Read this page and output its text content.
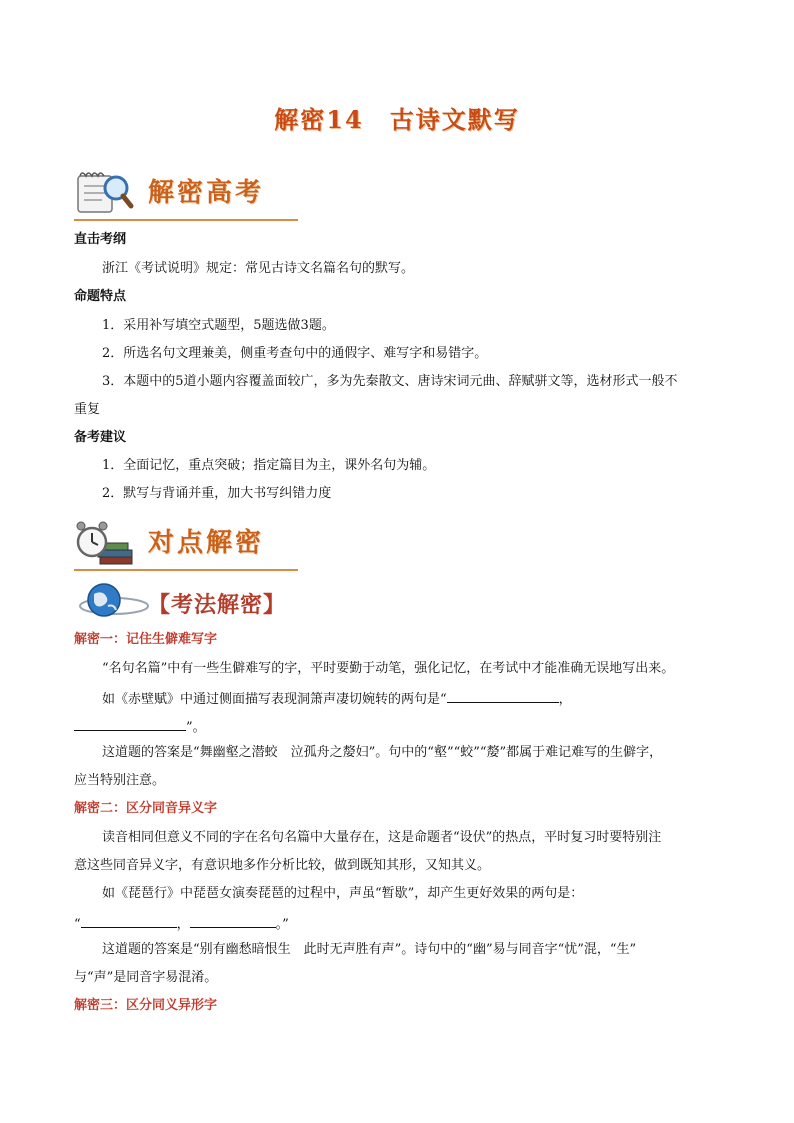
解密14　古诗文默写
解密高考
直击考纲
浙江《考试说明》规定：常见古诗文名篇名句的默写。
命题特点
1．采用补写填空式题型，5题选做3题。
2．所选名句文理兼美，侧重考查句中的通假字、难写字和易错字。
3．本题中的5道小题内容覆盖面较广，多为先秦散文、唐诗宋词元曲、辞赋骈文等，选材形式一般不
重复
备考建议
1．全面记忆，重点突破；指定篇目为主，课外名句为辅。
2．默写与背诵并重，加大书写纠错力度
对点解密
【考法解密】
解密一：记住生僻难写字
“名句名篇”中有一些生僻难写的字，平时要勤于动笔，强化记忆，在考试中才能准确无误地写出来。
如《赤壁赋》中通过侧面描写表现洞箫声凄切婉转的两句是“	，
”。
这道题的答案是“舞幽壑之潜蛟　泣孤舟之嫠妇”。句中的“壑”“蛟”“嫠”都属于难记难写的生僻字，
应当特别注意。
解密二：区分同音异义字
读音相同但意义不同的字在名句名篇中大量存在，这是命题者“设伏”的热点，平时复习时要特别注
意这些同音异义字，有意识地多作分析比较，做到既知其形，又知其义。
如《琵琶行》中琵琶女演奏琵琶的过程中，声虽“暂歇”，却产生更好效果的两句是：
“	，	。”
这道题的答案是“别有幽愁暗恨生　此时无声胜有声”。诗句中的“幽”易与同音字“忧”混，“生”
与“声”是同音字易混淆。
解密三：区分同义异形字
